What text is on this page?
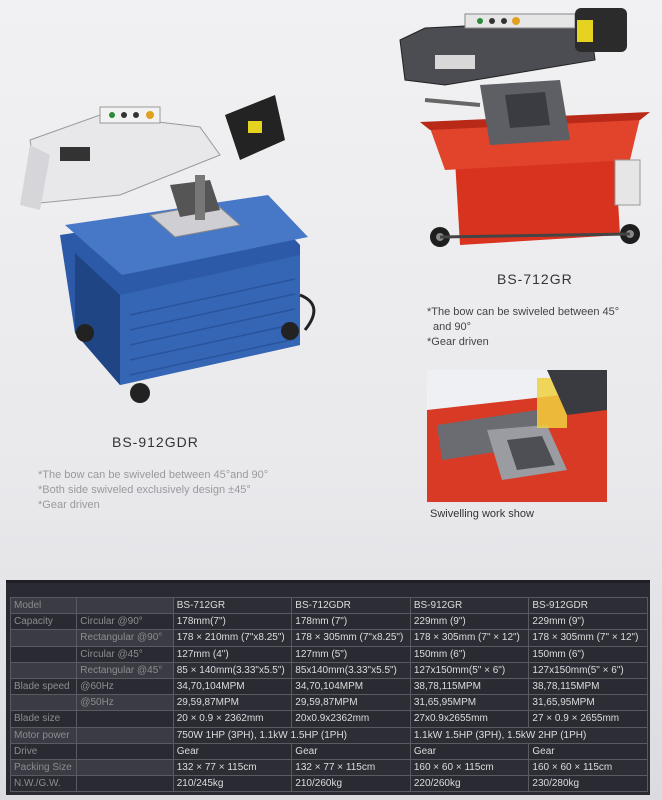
BS-712GR
*The bow can be swiveled between 45°
and 90°
*Gear driven
Swivelling work show
BS-912GDR
*The bow can be swiveled between 45°and 90°
*Both side swiveled exclusively design ±45°
*Gear driven
Model		BS-712GR	BS-712GDR	BS-912GR	BS-912GDR
Capacity	Circular @90°	178mm(7")	178mm (7")	229mm (9")	229mm (9")
	Rectangular @90°	178 × 210mm (7"x8.25")	178 × 305mm (7"x8.25")	178 × 305mm (7" × 12")	178 × 305mm (7" × 12")
	Circular @45°	127mm (4")	127mm (5")	150mm (6")	150mm (6")
	Rectangular @45°	85 × 140mm(3.33"x5.5")	85x140mm(3.33"x5.5")	127x150mm(5" × 6")	127x150mm(5" × 6")
Blade speed	@60Hz	34,70,104MPM	34,70,104MPM	38,78,115MPM	38,78,115MPM
	@50Hz	29,59,87MPM	29,59,87MPM	31,65,95MPM	31,65,95MPM
Blade size		20 × 0.9 × 2362mm	20x0.9x2362mm	27x0.9x2655mm	27 × 0.9 × 2655mm
Motor power		750W 1HP (3PH), 1.1kW 1.5HP (1PH)		1.1kW 1.5HP (3PH), 1.5kW 2HP (1PH)	
Drive		Gear	Gear	Gear	Gear
Packing Size		132 × 77 × 115cm	132 × 77 × 115cm	160 × 60 × 115cm	160 × 60 × 115cm
N.W./G.W.		210/245kg	210/260kg	220/260kg	230/280kg
